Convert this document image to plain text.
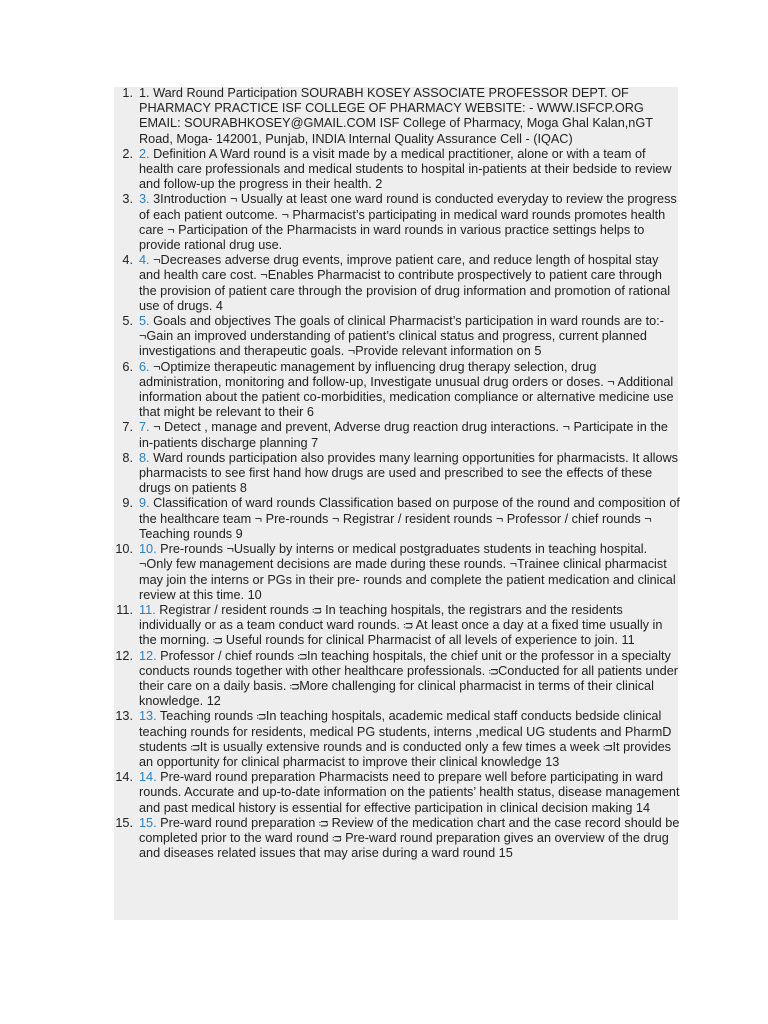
1. 1. Ward Round Participation SOURABH KOSEY ASSOCIATE PROFESSOR DEPT. OF PHARMACY PRACTICE ISF COLLEGE OF PHARMACY WEBSITE: - WWW.ISFCP.ORG EMAIL: SOURABHKOSEY@GMAIL.COM ISF College of Pharmacy, Moga Ghal Kalan,nGT Road, Moga- 142001, Punjab, INDIA Internal Quality Assurance Cell - (IQAC)
2. 2. Definition A Ward round is a visit made by a medical practitioner, alone or with a team of health care professionals and medical students to hospital in-patients at their bedside to review and follow-up the progress in their health. 2
3. 3. 3Introduction ¬ Usually at least one ward round is conducted everyday to review the progress of each patient outcome. ¬ Pharmacist’s participating in medical ward rounds promotes health care ¬ Participation of the Pharmacists in ward rounds in various practice settings helps to provide rational drug use.
4. 4. ¬Decreases adverse drug events, improve patient care, and reduce length of hospital stay and health care cost. ¬Enables Pharmacist to contribute prospectively to patient care through the provision of patient care through the provision of drug information and promotion of rational use of drugs. 4
5. 5. Goals and objectives The goals of clinical Pharmacist’s participation in ward rounds are to:- ¬Gain an improved understanding of patient’s clinical status and progress, current planned investigations and therapeutic goals. ¬Provide relevant information on 5
6. 6. ¬Optimize therapeutic management by influencing drug therapy selection, drug administration, monitoring and follow-up, Investigate unusual drug orders or doses. ¬ Additional information about the patient co-morbidities, medication compliance or alternative medicine use that might be relevant to their 6
7. 7. ¬ Detect , manage and prevent, Adverse drug reaction drug interactions. ¬ Participate in the in-patients discharge planning 7
8. 8. Ward rounds participation also provides many learning opportunities for pharmacists. It allows pharmacists to see first hand how drugs are used and prescribed to see the effects of these drugs on patients 8
9. 9. Classification of ward rounds Classification based on purpose of the round and composition of the healthcare team ¬ Pre-rounds ¬ Registrar / resident rounds ¬ Professor / chief rounds ¬ Teaching rounds 9
10. 10. Pre-rounds ¬Usually by interns or medical postgraduates students in teaching hospital. ¬Only few management decisions are made during these rounds. ¬Trainee clinical pharmacist may join the interns or PGs in their pre- rounds and complete the patient medication and clinical review at this time. 10
11. 11. Registrar / resident rounds ᴞ In teaching hospitals, the registrars and the residents individually or as a team conduct ward rounds. ᴞ At least once a day at a fixed time usually in the morning. ᴞ Useful rounds for clinical Pharmacist of all levels of experience to join. 11
12. 12. Professor / chief rounds ᴞIn teaching hospitals, the chief unit or the professor in a specialty conducts rounds together with other healthcare professionals. ᴞConducted for all patients under their care on a daily basis. ᴞMore challenging for clinical pharmacist in terms of their clinical knowledge. 12
13. 13. Teaching rounds ᴞIn teaching hospitals, academic medical staff conducts bedside clinical teaching rounds for residents, medical PG students, interns ,medical UG students and PharmD students ᴞIt is usually extensive rounds and is conducted only a few times a week ᴞIt provides an opportunity for clinical pharmacist to improve their clinical knowledge 13
14. 14. Pre-ward round preparation Pharmacists need to prepare well before participating in ward rounds. Accurate and up-to-date information on the patients’ health status, disease management and past medical history is essential for effective participation in clinical decision making 14
15. 15. Pre-ward round preparation ᴞ Review of the medication chart and the case record should be completed prior to the ward round ᴞ Pre-ward round preparation gives an overview of the drug and diseases related issues that may arise during a ward round 15
